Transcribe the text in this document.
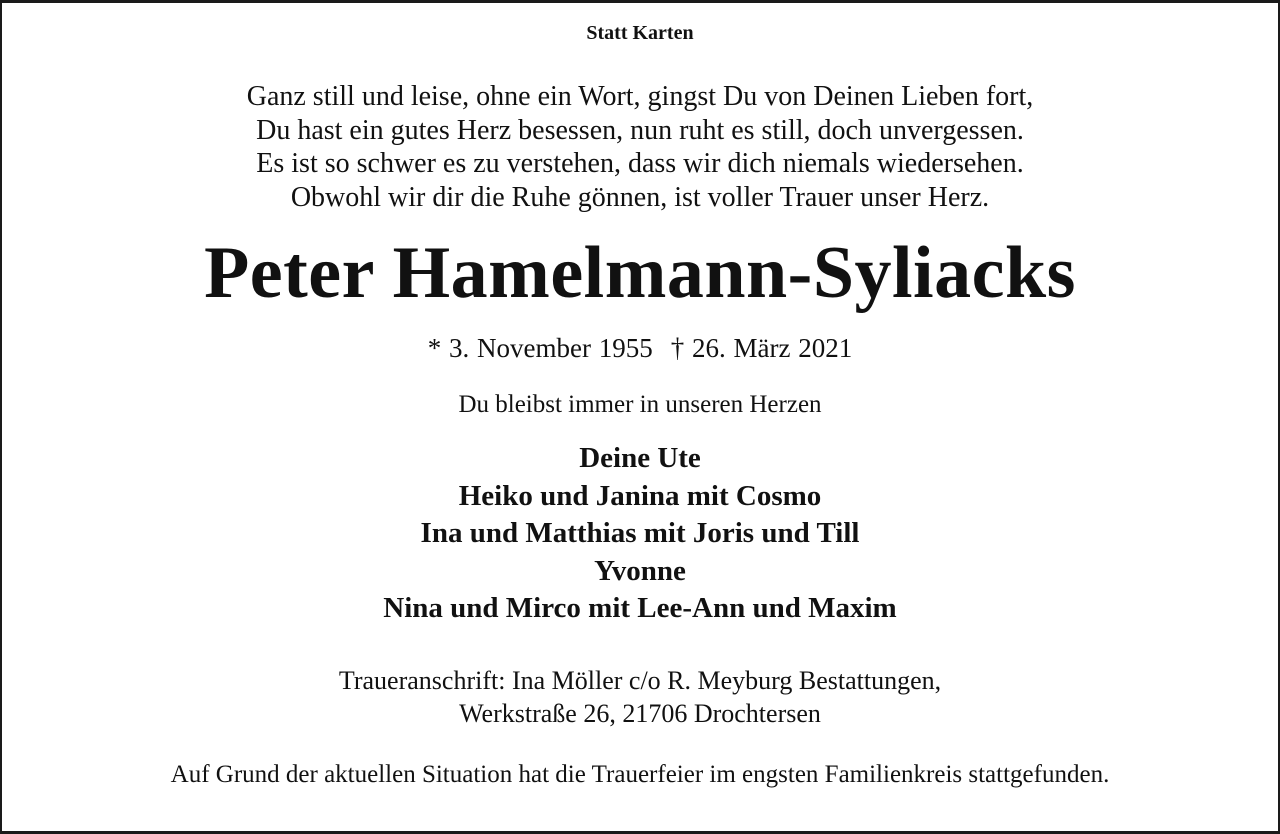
Statt Karten
Ganz still und leise, ohne ein Wort, gingst Du von Deinen Lieben fort,
Du hast ein gutes Herz besessen, nun ruht es still, doch unvergessen.
Es ist so schwer es zu verstehen, dass wir dich niemals wiedersehen.
Obwohl wir dir die Ruhe gönnen, ist voller Trauer unser Herz.
Peter Hamelmann-Syliacks
* 3. November 1955 † 26. März 2021
Du bleibst immer in unseren Herzen
Deine Ute
Heiko und Janina mit Cosmo
Ina und Matthias mit Joris und Till
Yvonne
Nina und Mirco mit Lee-Ann und Maxim
Traueranschrift: Ina Möller c/o R. Meyburg Bestattungen,
Werkstraße 26, 21706 Drochtersen
Auf Grund der aktuellen Situation hat die Trauerfeier im engsten Familienkreis stattgefunden.
